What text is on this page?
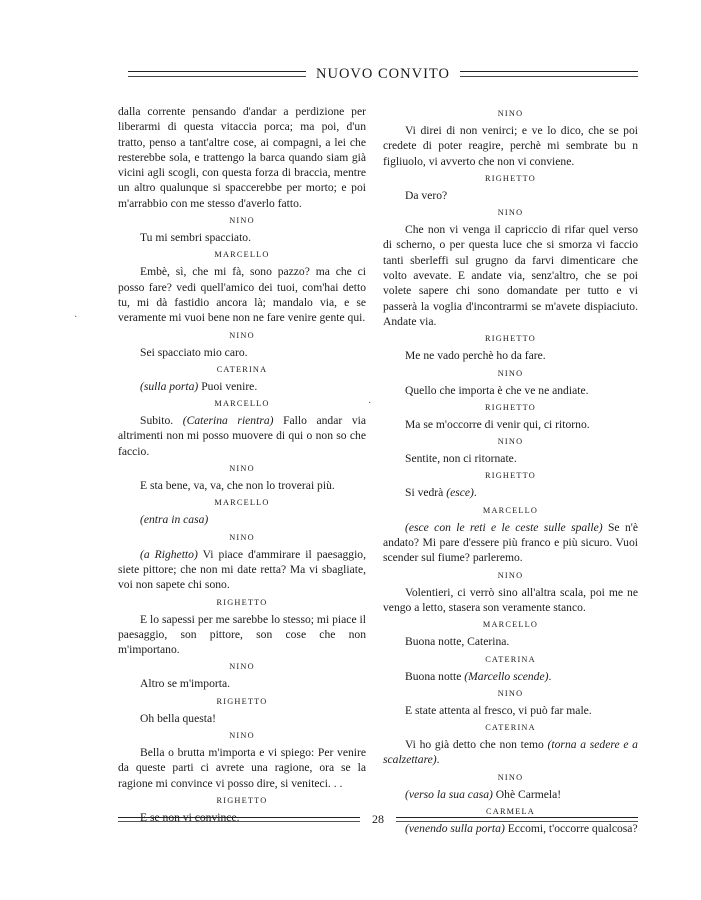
NUOVO CONVITO
dalla corrente pensando d'andar a perdizione per liberarmi di questa vitaccia porca; ma poi, d'un tratto, penso a tant'altre cose, ai compagni, a lei che resterebbe sola, e trattengo la barca quando siam già vicini agli scogli, con questa forza di braccia, mentre un altro qualunque si spaccerebbe per morto; e poi m'arrabbio con me stesso d'averlo fatto.
NINO
Tu mi sembri spacciato.
MARCELLO
Embè, sì, che mi fà, sono pazzo? ma che ci posso fare? vedi quell'amico dei tuoi, com'hai detto tu, mi dà fastidio ancora là; mandalo via, e se veramente mi vuoi bene non ne fare venire gente qui.
NINO
Sei spacciato mio caro.
CATERINA
(sulla porta) Puoi venire.
MARCELLO
Subito. (Caterina rientra) Fallo andar via altrimenti non mi posso muovere di qui o non so che faccio.
NINO
E sta bene, va, va, che non lo troverai più.
MARCELLO
(entra in casa)
NINO
(a Righetto) Vi piace d'ammirare il paesaggio, siete pittore; che non mi date retta? Ma vi sbagliate, voi non sapete chi sono.
RIGHETTO
E lo sapessi per me sarebbe lo stesso; mi piace il paesaggio, son pittore, son cose che non m'importano.
NINO
Altro se m'importa.
RIGHETTO
Oh bella questa!
NINO
Bella o brutta m'importa e vi spiego: Per venire da queste parti ci avrete una ragione, ora se la ragione mi convince vi posso dire, si veniteci. . .
RIGHETTO
E se non vi convince.
NINO
Vi direi di non venirci; e ve lo dico, che se poi credete di poter reagire, perchè mi sembrate bu n figliuolo, vi avverto che non vi conviene.
RIGHETTO
Da vero?
NINO
Che non vi venga il capriccio di rifar quel verso di scherno, o per questa luce che si smorza vi faccio tanti sberleffi sul grugno da farvi dimenticare che volto avevate. E andate via, senz'altro, che se poi volete sapere chi sono domandate per tutto e vi passerà la voglia d'incontrarmi se m'avete dispiaciuto. Andate via.
RIGHETTO
Me ne vado perchè ho da fare.
NINO
Quello che importa è che ve ne andiate.
RIGHETTO
Ma se m'occorre di venir qui, ci ritorno.
NINO
Sentite, non ci ritornate.
RIGHETTO
Si vedrà (esce).
MARCELLO
(esce con le reti e le ceste sulle spalle) Se n'è andato? Mi pare d'essere più franco e più sicuro. Vuoi scender sul fiume? parleremo.
NINO
Volentieri, ci verrò sino all'altra scala, poi me ne vengo a letto, stasera son veramente stanco.
MARCELLO
Buona notte, Caterina.
CATERINA
Buona notte (Marcello scende).
NINO
E state attenta al fresco, vi può far male.
CATERINA
Vi ho già detto che non temo (torna a sedere e a scalzettare).
NINO
(verso la sua casa) Ohè Carmela!
CARMELA
(venendo sulla porta) Eccomi, t'occorre qualcosa?
28
·
·
